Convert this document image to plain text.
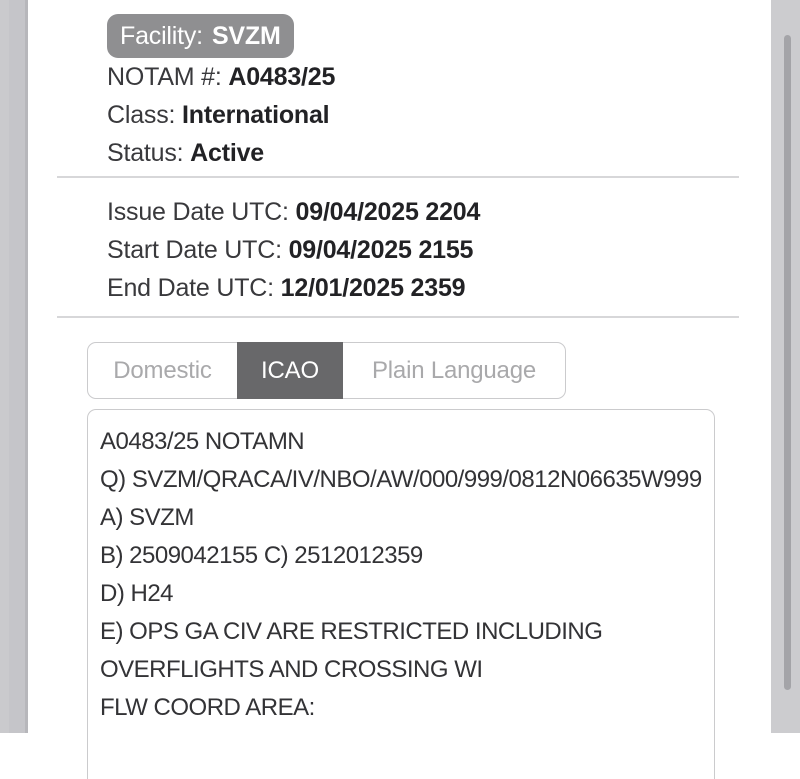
Facility: SVZM
NOTAM #: A0483/25
Class: International
Status: Active
Issue Date UTC: 09/04/2025 2204
Start Date UTC: 09/04/2025 2155
End Date UTC: 12/01/2025 2359
Domestic	ICAO	Plain Language

A0483/25 NOTAMN

Q) SVZM/QRACA/IV/NBO/AW/000/999/0812N06635W999

A) SVZM

B) 2509042155 C) 2512012359

D) H24

E) OPS GA CIV ARE RESTRICTED INCLUDING

OVERFLIGHTS AND CROSSING WI

FLW COORD AREA:
